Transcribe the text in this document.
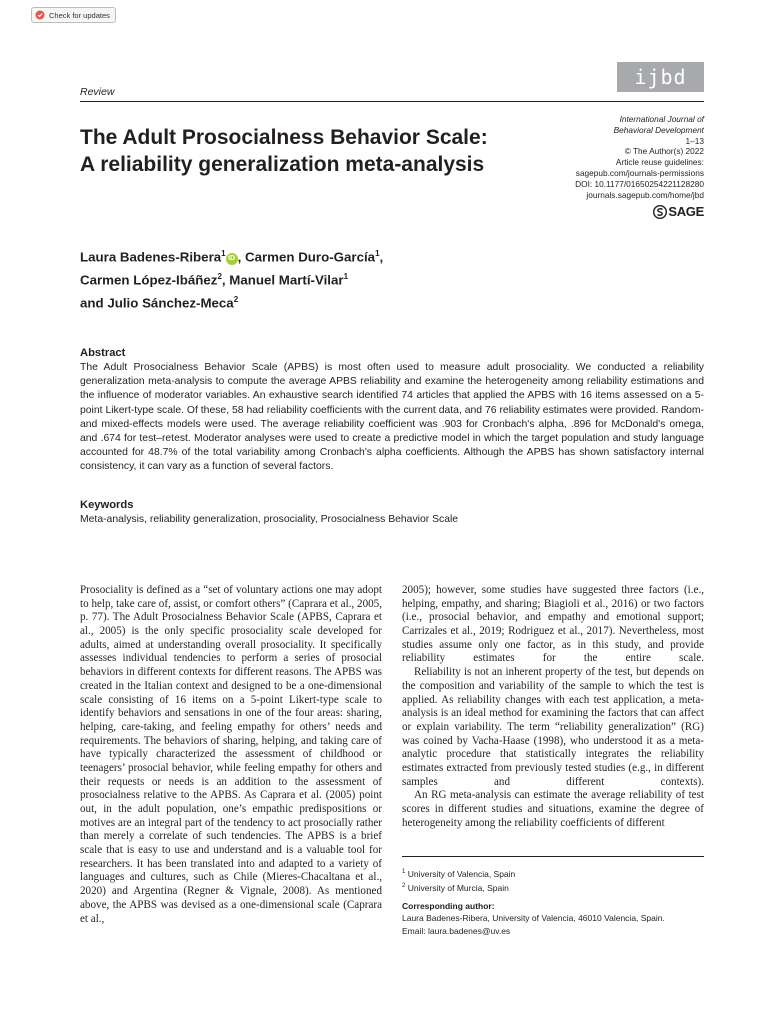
Check for updates
Review
ijbd
International Journal of
Behavioral Development
1–13
© The Author(s) 2022
Article reuse guidelines:
sagepub.com/journals-permissions
DOI: 10.1177/01650254221128280
journals.sagepub.com/home/jbd
SAGE
The Adult Prosocialness Behavior Scale: A reliability generalization meta-analysis
Laura Badenes-Ribera$^1$iD , Carmen Duro-García$^1$,
Carmen López-Ibáñez$^2$, Manuel Martí-Vilar$^1$
and Julio Sánchez-Meca$^2$
Abstract
The Adult Prosocialness Behavior Scale (APBS) is most often used to measure adult prosociality. We conducted a reliability generalization meta-analysis to compute the average APBS reliability and examine the heterogeneity among reliability estimations and the influence of moderator variables. An exhaustive search identified 74 articles that applied the APBS with 16 items assessed on a 5-point Likert-type scale. Of these, 58 had reliability coefficients with the current data, and 76 reliability estimates were provided. Random- and mixed-effects models were used. The average reliability coefficient was .903 for Cronbach's alpha, .896 for McDonald's omega, and .674 for test–retest. Moderator analyses were used to create a predictive model in which the target population and study language accounted for 48.7% of the total variability among Cronbach's alpha coefficients. Although the APBS has shown satisfactory internal consistency, it can vary as a function of several factors.
Keywords
Meta-analysis, reliability generalization, prosociality, Prosocialness Behavior Scale

Prosociality is defined as a “set of voluntary actions one may adopt to help, take care of, assist, or comfort others” (Caprara et al., 2005, p. 77). The Adult Prosocialness Behavior Scale (APBS, Caprara et al., 2005) is the only specific prosociality scale developed for adults, aimed at understanding overall prosociality. It specifically assesses individual tendencies to perform a series of prosocial behaviors in different contexts for different reasons. The APBS was created in the Italian context and designed to be a one-dimensional scale consisting of 16 items on a 5-point Likert-type scale to identify behaviors and sensations in one of the four areas: sharing, helping, care-taking, and feeling empathy for others’ needs and requirements. The behaviors of sharing, helping, and taking care of have typically characterized the assessment of childhood or teenagers’ prosocial behavior, while feeling empathy for others and their requests or needs is an addition to the assessment of prosocialness relative to the APBS. As Caprara et al. (2005) point out, in the adult population, one’s empathic predispositions or motives are an integral part of the tendency to act prosocially rather than merely a correlate of such tendencies. The APBS is a brief scale that is easy to use and understand and is a valuable tool for researchers. It has been translated into and adapted to a variety of languages and cultures, such as Chile (Mieres-Chacaltana et al., 2020) and Argentina (Regner & Vignale, 2008). As mentioned above, the APBS was devised as a one-dimensional scale (Caprara et al.,

2005); however, some studies have suggested three factors (i.e., helping, empathy, and sharing; Biagioli et al., 2016) or two factors (i.e., prosocial behavior, and empathy and emotional support; Carrizales et al., 2019; Rodriguez et al., 2017). Nevertheless, most studies assume only one factor, as in this study, and provide reliability estimates for the entire scale.

Reliability is not an inherent property of the test, but depends on the composition and variability of the sample to which the test is applied. As reliability changes with each test application, a meta-analysis is an ideal method for examining the factors that can affect or explain variability. The term “reliability generalization” (RG) was coined by Vacha-Haase (1998), who understood it as a meta-analytic procedure that statistically integrates the reliability estimates extracted from previously tested studies (e.g., in different samples and different contexts).

An RG meta-analysis can estimate the average reliability of test scores in different studies and situations, examine the degree of heterogeneity among the reliability coefficients of different

$^1$ University of Valencia, Spain
$^2$ University of Murcia, Spain
Corresponding author:
Laura Badenes-Ribera, University of Valencia, 46010 Valencia, Spain.
Email: laura.badenes@uv.es
